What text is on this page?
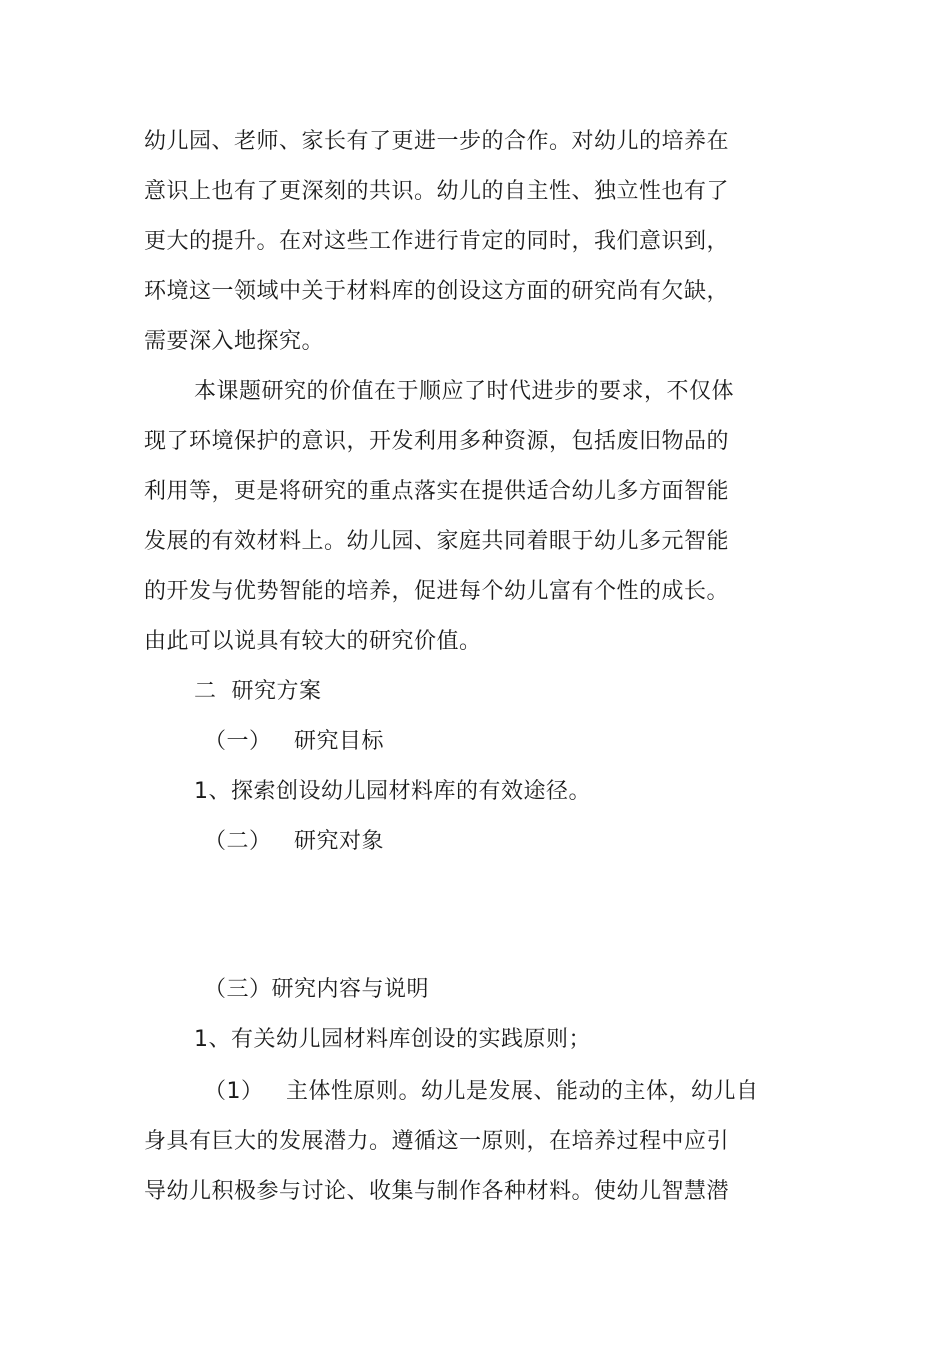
幼儿园、老师、家长有了更进一步的合作。对幼儿的培养在
意识上也有了更深刻的共识。幼儿的自主性、独立性也有了
更大的提升。在对这些工作进行肯定的同时，我们意识到，
环境这一领域中关于材料库的创设这方面的研究尚有欠缺，
需要深入地探究。
本课题研究的价值在于顺应了时代进步的要求，不仅体
现了环境保护的意识，开发利用多种资源，包括废旧物品的
利用等，更是将研究的重点落实在提供适合幼儿多方面智能
发展的有效材料上。幼儿园、家庭共同着眼于幼儿多元智能
的开发与优势智能的培养，促进每个幼儿富有个性的成长。
由此可以说具有较大的研究价值。
二  研究方案
（一）   研究目标
1、探索创设幼儿园材料库的有效途径。
（二）   研究对象
（三）研究内容与说明
1、有关幼儿园材料库创设的实践原则；
（1）   主体性原则。幼儿是发展、能动的主体，幼儿自
身具有巨大的发展潜力。遵循这一原则，在培养过程中应引
导幼儿积极参与讨论、收集与制作各种材料。使幼儿智慧潜
